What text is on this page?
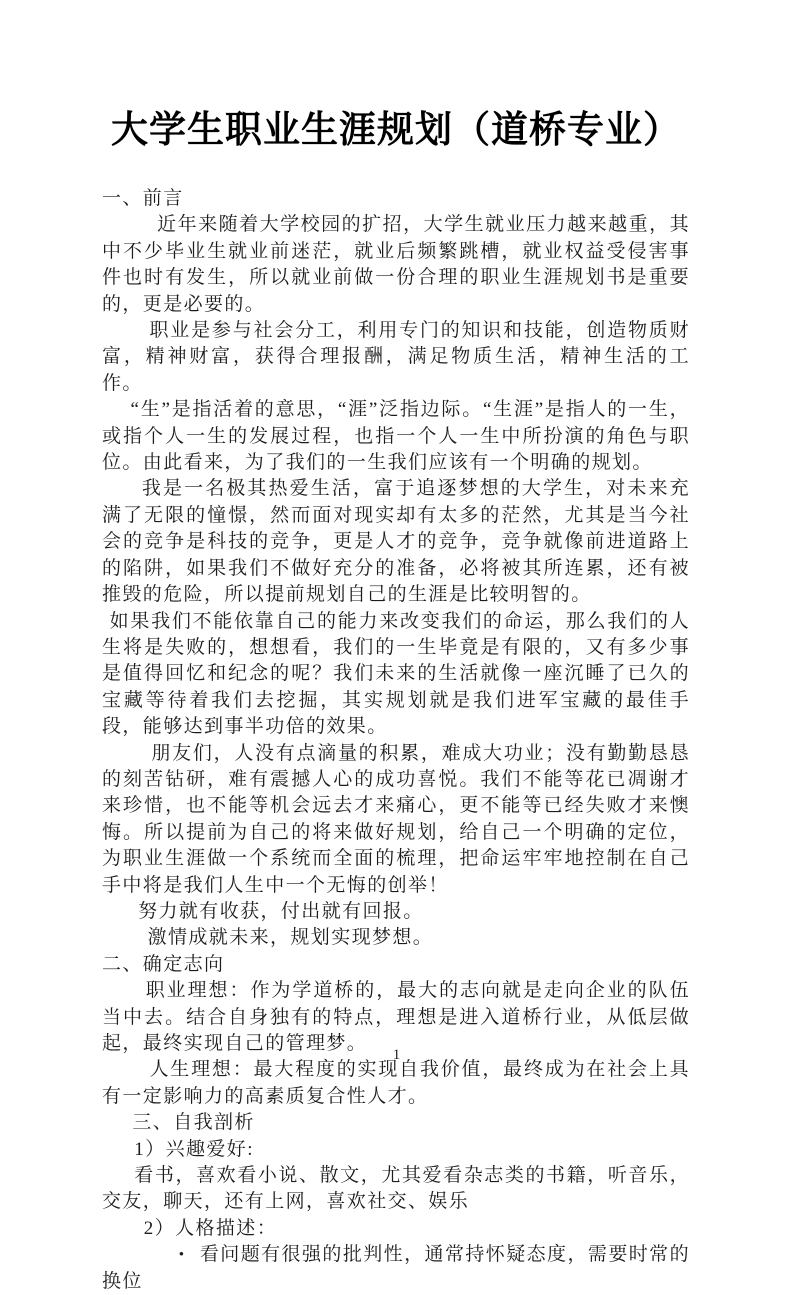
大学生职业生涯规划（道桥专业）

一、前言

近年来随着大学校园的扩招，大学生就业压力越来越重，其中不少毕业生就业前迷茫，就业后频繁跳槽，就业权益受侵害事件也时有发生，所以就业前做一份合理的职业生涯规划书是重要的，更是必要的。

职业是参与社会分工，利用专门的知识和技能，创造物质财富，精神财富，获得合理报酬，满足物质生活，精神生活的工作。

“生”是指活着的意思，“涯”泛指边际。“生涯”是指人的一生，或指个人一生的发展过程，也指一个人一生中所扮演的角色与职位。由此看来，为了我们的一生我们应该有一个明确的规划。

我是一名极其热爱生活，富于追逐梦想的大学生，对未来充满了无限的憧憬，然而面对现实却有太多的茫然，尤其是当今社会的竞争是科技的竞争，更是人才的竞争，竞争就像前进道路上的陷阱，如果我们不做好充分的准备，必将被其所连累，还有被推毁的危险，所以提前规划自己的生涯是比较明智的。

如果我们不能依靠自己的能力来改变我们的命运，那么我们的人生将是失败的，想想看，我们的一生毕竟是有限的，又有多少事是值得回忆和纪念的呢？我们未来的生活就像一座沉睡了已久的宝藏等待着我们去挖掘，其实规划就是我们进军宝藏的最佳手段，能够达到事半功倍的效果。

朋友们，人没有点滴量的积累，难成大功业；没有勤勤恳恳的刻苦钻研，难有震撼人心的成功喜悦。我们不能等花已凋谢才来珍惜，也不能等机会远去才来痛心，更不能等已经失败才来懊悔。所以提前为自己的将来做好规划，给自己一个明确的定位，为职业生涯做一个系统而全面的梳理，把命运牢牢地控制在自己手中将是我们人生中一个无悔的创举！

努力就有收获，付出就有回报。

激情成就未来，规划实现梦想。

二、确定志向

职业理想：作为学道桥的，最大的志向就是走向企业的队伍当中去。结合自身独有的特点，理想是进入道桥行业，从低层做起，最终实现自己的管理梦。

人生理想：最大程度的实现自我价值，最终成为在社会上具有一定影响力的高素质复合性人才。

三、自我剖析

1）兴趣爱好:

看书，喜欢看小说、散文，尤其爱看杂志类的书籍，听音乐，交友，聊天，还有上网，喜欢社交、娱乐

2）人格描述：

• 看问题有很强的批判性，通常持怀疑态度，需要时常的换位

1
